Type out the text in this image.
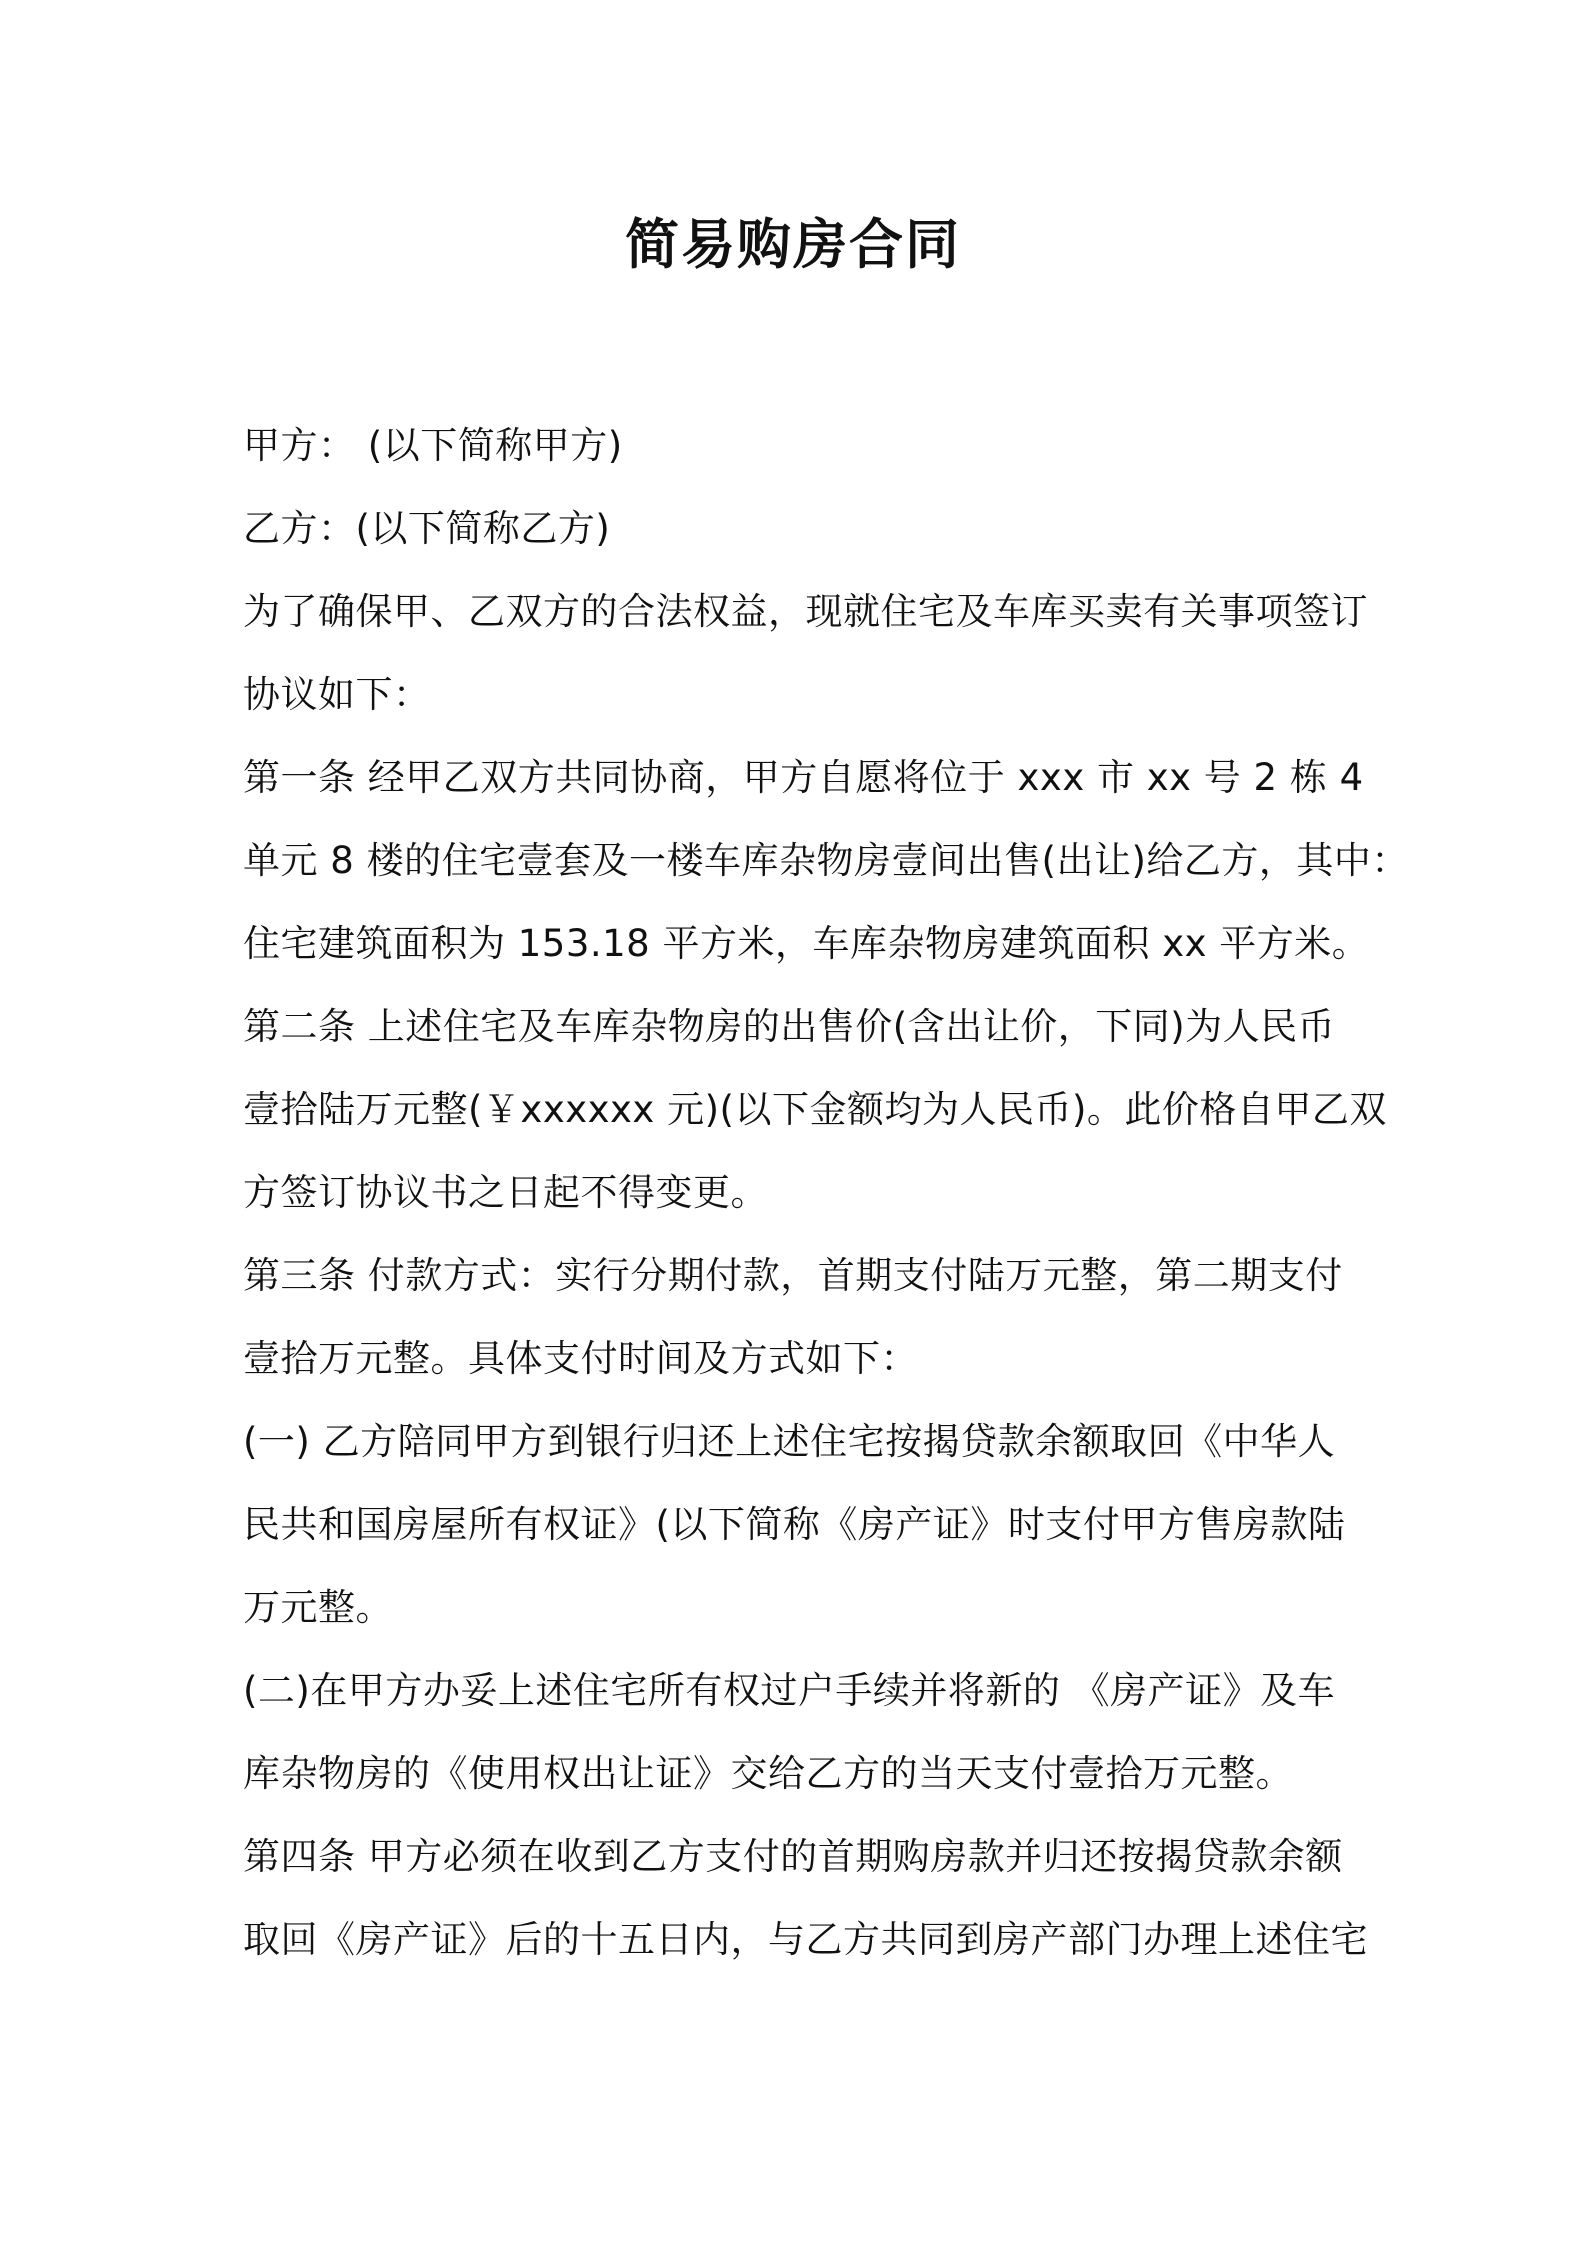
简易购房合同
甲方： (以下简称甲方)
乙方：(以下简称乙方)
为了确保甲、乙双方的合法权益，现就住宅及车库买卖有关事项签订
协议如下：
第一条 经甲乙双方共同协商，甲方自愿将位于 xxx 市 xx 号 2 栋 4
单元 8 楼的住宅壹套及一楼车库杂物房壹间出售(出让)给乙方，其中：
住宅建筑面积为 153.18 平方米，车库杂物房建筑面积 xx 平方米。
第二条 上述住宅及车库杂物房的出售价(含出让价，下同)为人民币
壹拾陆万元整(￥xxxxxx 元)(以下金额均为人民币)。此价格自甲乙双
方签订协议书之日起不得变更。
第三条 付款方式：实行分期付款，首期支付陆万元整，第二期支付
壹拾万元整。具体支付时间及方式如下：
(一) 乙方陪同甲方到银行归还上述住宅按揭贷款余额取回《中华人
民共和国房屋所有权证》(以下简称《房产证》时支付甲方售房款陆
万元整。
(二)在甲方办妥上述住宅所有权过户手续并将新的 《房产证》及车
库杂物房的《使用权出让证》交给乙方的当天支付壹拾万元整。
第四条 甲方必须在收到乙方支付的首期购房款并归还按揭贷款余额
取回《房产证》后的十五日内，与乙方共同到房产部门办理上述住宅
